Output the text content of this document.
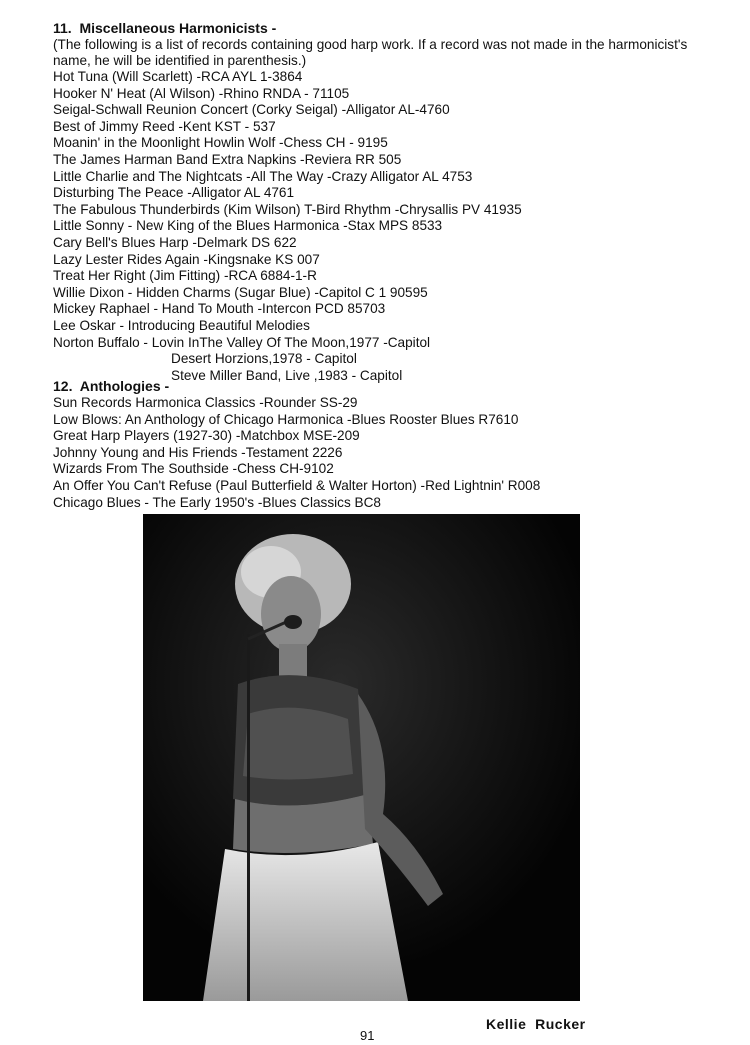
11.  Miscellaneous Harmonicists -

(The following is a list of records containing good harp work. If a record was not made in the harmonicist's name, he will be identified in parenthesis.)

Hot Tuna (Will Scarlett) -RCA AYL 1-3864

Hooker N' Heat (Al Wilson) -Rhino RNDA - 71105

Seigal-Schwall Reunion Concert (Corky Seigal) -Alligator AL-4760

Best of Jimmy Reed -Kent KST - 537

Moanin' in the Moonlight Howlin Wolf -Chess CH - 9195

The James Harman Band Extra Napkins -Reviera RR 505

Little Charlie and The Nightcats -All The Way -Crazy Alligator AL 4753

Disturbing The Peace -Alligator AL 4761

The Fabulous Thunderbirds (Kim Wilson) T-Bird Rhythm -Chrysallis PV 41935

Little Sonny - New King of the Blues Harmonica -Stax MPS 8533

Cary Bell's Blues Harp -Delmark DS 622

Lazy Lester Rides Again -Kingsnake KS 007

Treat Her Right (Jim Fitting) -RCA 6884-1-R

Willie Dixon - Hidden Charms (Sugar Blue) -Capitol C 1 90595

Mickey Raphael - Hand To Mouth -Intercon PCD 85703

Lee Oskar - Introducing Beautiful Melodies

Norton Buffalo - Lovin InThe Valley Of The Moon,1977 -Capitol

Desert Horzions,1978 - Capitol

Steve Miller Band, Live ,1983 - Capitol

12.  Anthologies -

Sun Records Harmonica Classics -Rounder SS-29

Low Blows: An Anthology of Chicago Harmonica -Blues Rooster Blues R7610

Great Harp Players (1927-30) -Matchbox MSE-209

Johnny Young and His Friends -Testament 2226

Wizards From The Southside -Chess CH-9102

An Offer You Can't Refuse (Paul Butterfield & Walter Horton) -Red Lightnin' R008

Chicago Blues - The Early 1950's -Blues Classics BC8

Kellie  Rucker

91
